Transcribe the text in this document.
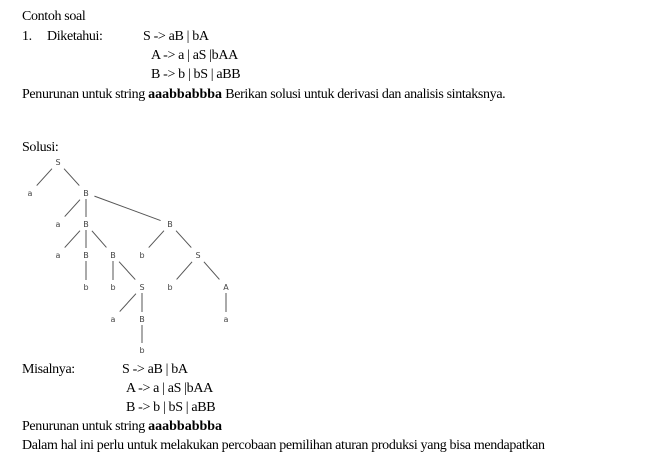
Contoh soal
1. Diketahui:	S -> aB | bA
A -> a | aS |bAA
B -> b | bS | aBB
Penurunan untuk string aaabbabbba Berikan solusi untuk derivasi dan analisis sintaksnya.
Solusi:
S
a	B
a	B	B
a	B	B	b	S
b	b	S	b	A
a	B	a
b
Misalnya:	S -> aB | bA
A -> a | aS |bAA
B -> b | bS | aBB
Penurunan untuk string aaabbabbba
Dalam hal ini perlu untuk melakukan percobaan pemilihan aturan produksi yang bisa mendapatkan
